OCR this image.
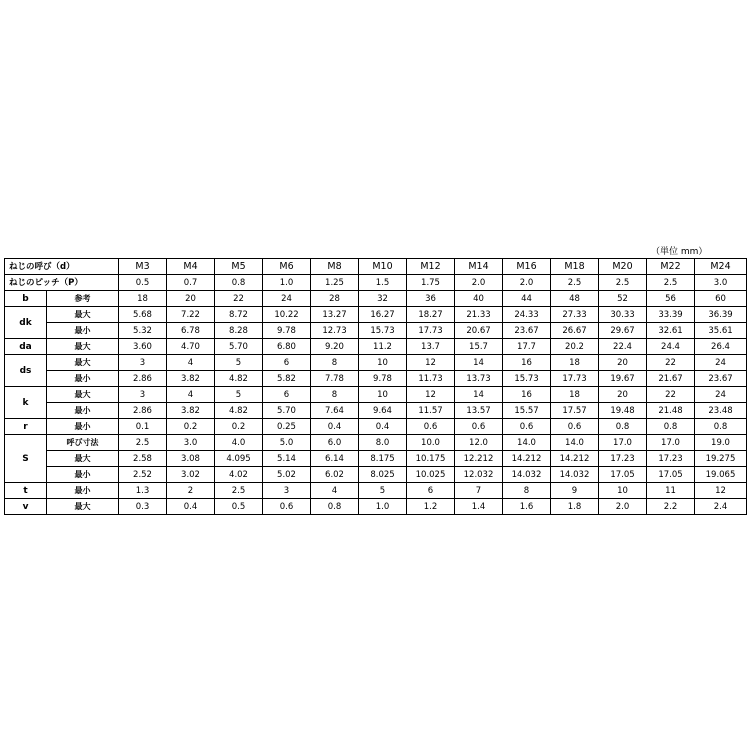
（単位 mm）
ねじの呼び（d）		M3	M4	M5	M6	M8	M10	M12	M14	M16	M18	M20	M22	M24
ねじのピッチ（P）		0.5	0.7	0.8	1.0	1.25	1.5	1.75	2.0	2.0	2.5	2.5	2.5	3.0
b	参考	18	20	22	24	28	32	36	40	44	48	52	56	60
dk	最大	5.68	7.22	8.72	10.22	13.27	16.27	18.27	21.33	24.33	27.33	30.33	33.39	36.39
	最小	5.32	6.78	8.28	9.78	12.73	15.73	17.73	20.67	23.67	26.67	29.67	32.61	35.61
da	最大	3.60	4.70	5.70	6.80	9.20	11.2	13.7	15.7	17.7	20.2	22.4	24.4	26.4
ds	最大	3	4	5	6	8	10	12	14	16	18	20	22	24
	最小	2.86	3.82	4.82	5.82	7.78	9.78	11.73	13.73	15.73	17.73	19.67	21.67	23.67
k	最大	3	4	5	6	8	10	12	14	16	18	20	22	24
	最小	2.86	3.82	4.82	5.70	7.64	9.64	11.57	13.57	15.57	17.57	19.48	21.48	23.48
r	最小	0.1	0.2	0.2	0.25	0.4	0.4	0.6	0.6	0.6	0.6	0.8	0.8	0.8
S	呼び寸法	2.5	3.0	4.0	5.0	6.0	8.0	10.0	12.0	14.0	14.0	17.0	17.0	19.0
	最大	2.58	3.08	4.095	5.14	6.14	8.175	10.175	12.212	14.212	14.212	17.23	17.23	19.275
	最小	2.52	3.02	4.02	5.02	6.02	8.025	10.025	12.032	14.032	14.032	17.05	17.05	19.065
t	最小	1.3	2	2.5	3	4	5	6	7	8	9	10	11	12
v	最大	0.3	0.4	0.5	0.6	0.8	1.0	1.2	1.4	1.6	1.8	2.0	2.2	2.4
